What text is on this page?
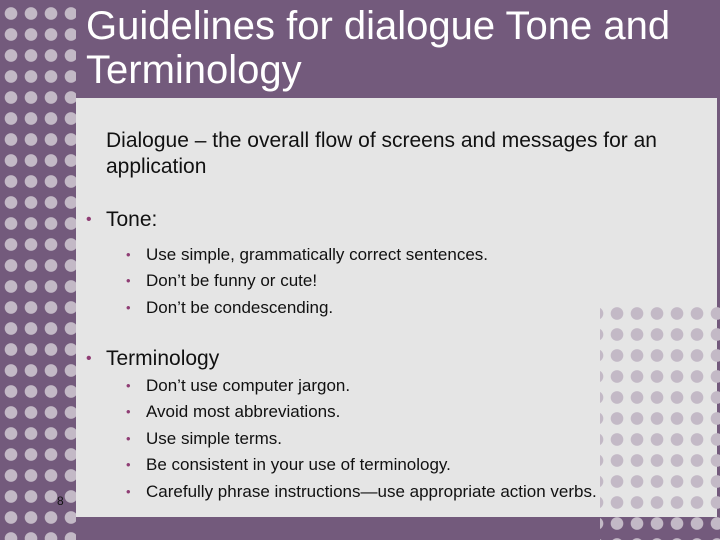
Guidelines for dialogue Tone and Terminology
Dialogue – the overall flow of screens and messages for an application
• Tone:
• Use simple, grammatically correct sentences.
• Don’t be funny or cute!
• Don’t be condescending.
• Terminology
• Don’t use computer jargon.
• Avoid most abbreviations.
• Use simple terms.
• Be consistent in your use of terminology.
• Carefully phrase instructions—use appropriate action verbs.
8
